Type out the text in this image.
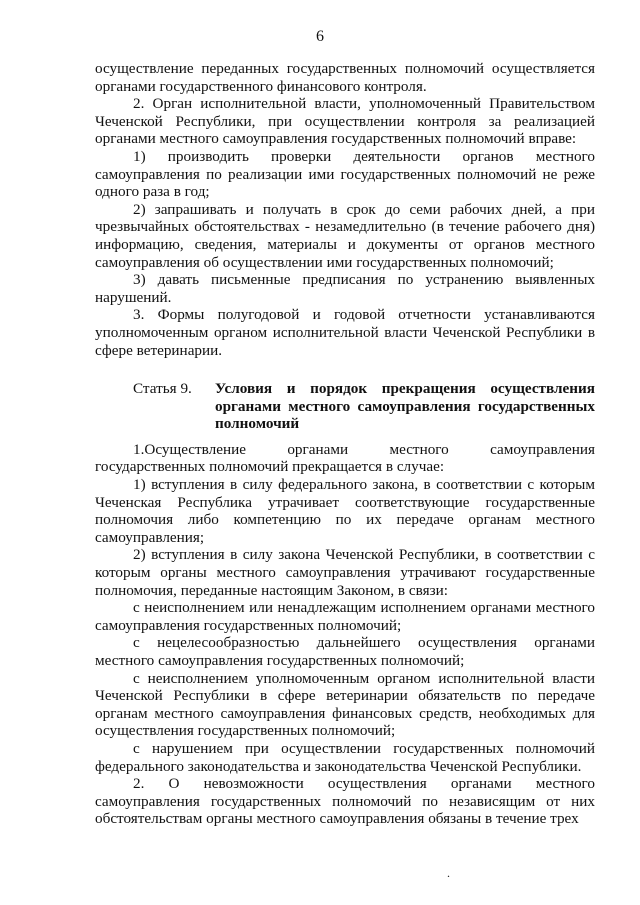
6

осуществление переданных государственных полномочий осуществляется органами государственного финансового контроля.

2. Орган исполнительной власти, уполномоченный Правительством Чеченской Республики, при осуществлении контроля за реализацией органами местного самоуправления государственных полномочий вправе:

1) производить проверки деятельности органов местного самоуправления по реализации ими государственных полномочий не реже одного раза в год;

2) запрашивать и получать в срок до семи рабочих дней, а при чрезвычайных обстоятельствах - незамедлительно (в течение рабочего дня) информацию, сведения, материалы и документы от органов местного самоуправления об осуществлении ими государственных полномочий;

3) давать письменные предписания по устранению выявленных нарушений.

3. Формы полугодовой и годовой отчетности устанавливаются уполномоченным органом исполнительной власти Чеченской Республики в сфере ветеринарии.

Статья 9.	Условия и порядок прекращения осуществления органами местного самоуправления государственных полномочий

1.Осуществление органами местного самоуправления государственных полномочий прекращается в случае:

1) вступления в силу федерального закона, в соответствии с которым Чеченская Республика утрачивает соответствующие государственные полномочия либо компетенцию по их передаче органам местного самоуправления;

2) вступления в силу закона Чеченской Республики, в соответствии с которым органы местного самоуправления утрачивают государственные полномочия, переданные настоящим Законом, в связи:

с неисполнением или ненадлежащим исполнением органами местного самоуправления государственных полномочий;

с нецелесообразностью дальнейшего осуществления органами местного самоуправления государственных полномочий;

с неисполнением уполномоченным органом исполнительной власти Чеченской Республики в сфере ветеринарии обязательств по передаче органам местного самоуправления финансовых средств, необходимых для осуществления государственных полномочий;

с нарушением при осуществлении государственных полномочий федерального законодательства и законодательства Чеченской Республики.

2. О невозможности осуществления органами местного самоуправления государственных полномочий по независящим от них обстоятельствам органы местного самоуправления обязаны в течение трех

.
